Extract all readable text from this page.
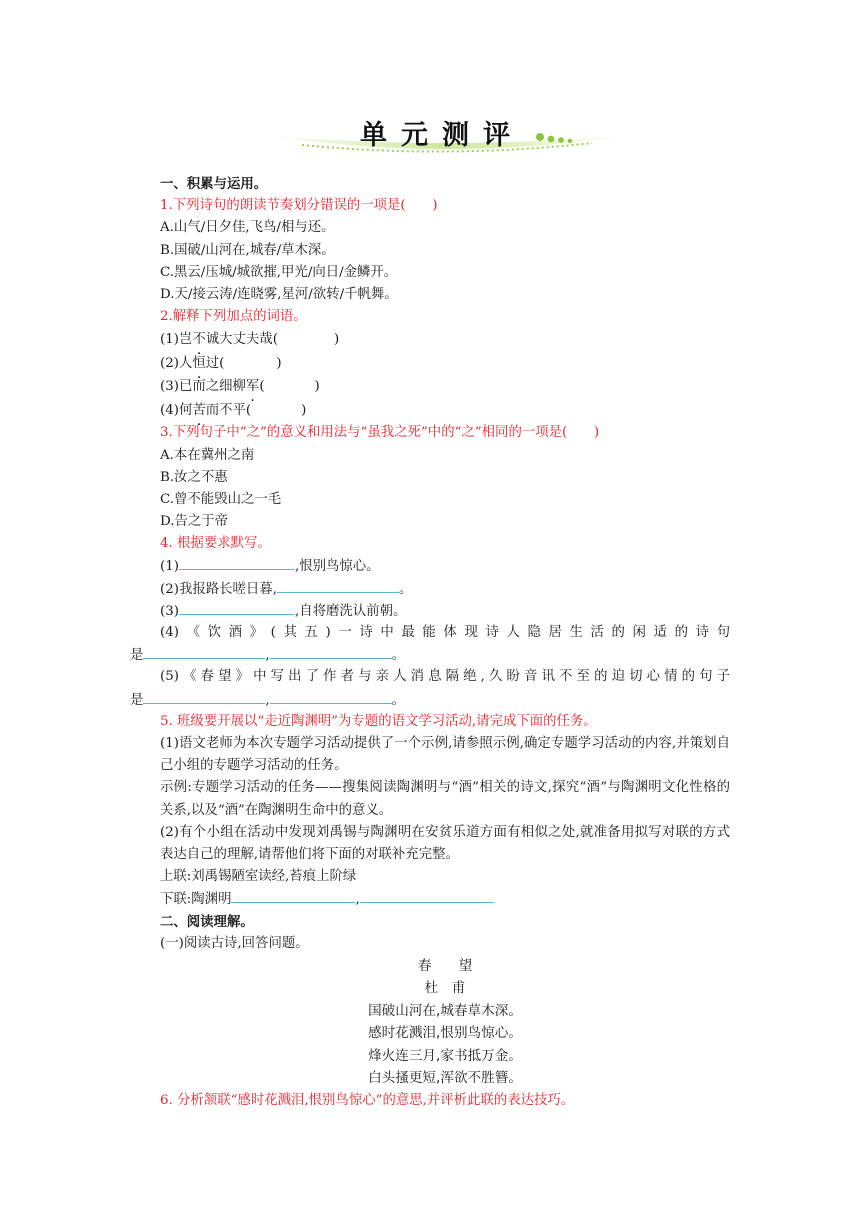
单元测评
一、积累与运用。
1.下列诗句的朗读节奏划分错误的一项是(　　)
A.山气/日夕佳,飞鸟/相与还。
B.国破/山河在,城春/草木深。
C.黑云/压城/城欲摧,甲光/向日/金鳞开。
D.天/接云涛/连晓雾,星河/欲转/千帆舞。
2.解释下列加点的词语。
(1)岂不诚大丈夫哉(	)
(2)人恒过(	)
(3)已而之细柳军(	)
(4)何苦而不平(	)
3.下列句子中“之”的意义和用法与“虽我之死”中的“之”相同的一项是(　　)
A.本在冀州之南
B.汝之不惠
C.曾不能毁山之一毛
D.告之于帝
4. 根据要求默写。
(1)	,恨别鸟惊心。
(2)我报路长嗟日暮,	。
(3)	,自将磨洗认前朝。
(4)《饮酒》(其五)一诗中最能体现诗人隐居生活的闲适的诗句
是	,	。
(5)《春望》中写出了作者与亲人消息隔绝,久盼音讯不至的迫切心情的句子
是	,	。
5. 班级要开展以“走近陶渊明”为专题的语文学习活动,请完成下面的任务。
(1)语文老师为本次专题学习活动提供了一个示例,请参照示例,确定专题学习活动的内容,并策划自己小组的专题学习活动的任务。
示例:专题学习活动的任务——搜集阅读陶渊明与“酒”相关的诗文,探究“酒”与陶渊明文化性格的关系,以及“酒”在陶渊明生命中的意义。
(2)有个小组在活动中发现刘禹锡与陶渊明在安贫乐道方面有相似之处,就准备用拟写对联的方式表达自己的理解,请帮他们将下面的对联补充完整。
上联:刘禹锡陋室读经,苔痕上阶绿
下联:陶渊明	,
二、阅读理解。
(一)阅读古诗,回答问题。
春　　望
杜　甫
国破山河在,城春草木深。
感时花溅泪,恨别鸟惊心。
烽火连三月,家书抵万金。
白头搔更短,浑欲不胜簪。
6. 分析颔联“感时花溅泪,恨别鸟惊心”的意思,并评析此联的表达技巧。
